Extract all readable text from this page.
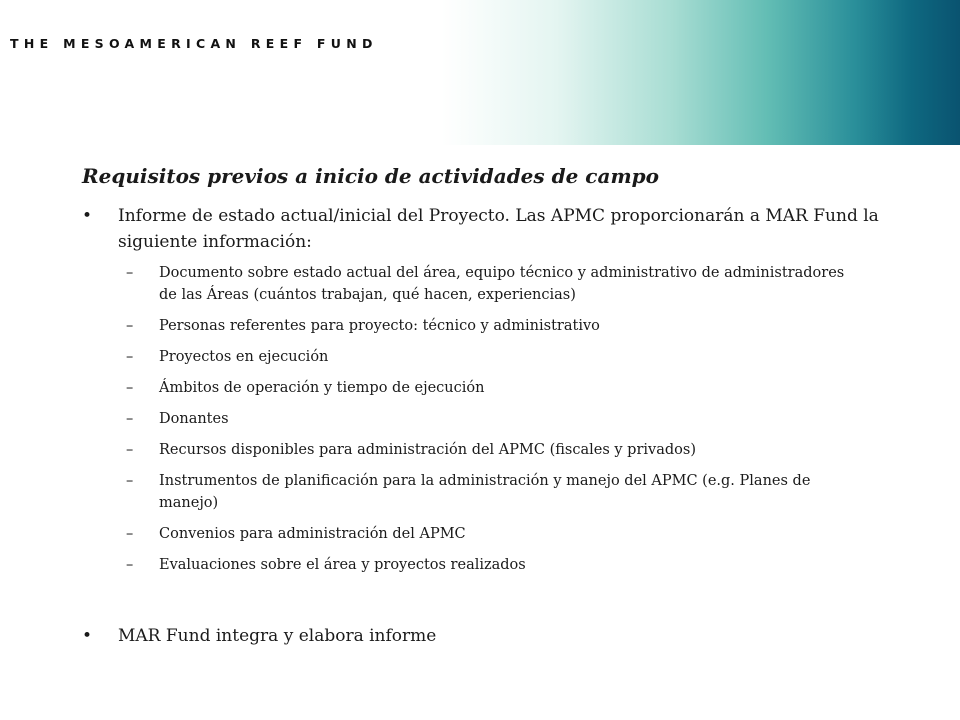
THE MESOAMERICAN REEF FUND
Requisitos previos a inicio de actividades de campo
• Informe de estado actual/inicial del Proyecto. Las APMC proporcionarán a MAR Fund la siguiente información:
– Documento sobre estado actual del área, equipo técnico y administrativo de administradores de las Áreas (cuántos trabajan, qué hacen, experiencias)
– Personas referentes para proyecto: técnico y administrativo
– Proyectos en ejecución
– Ámbitos de operación y tiempo de ejecución
– Donantes
– Recursos disponibles para administración del APMC (fiscales y privados)
– Instrumentos de planificación para la administración y manejo del APMC (e.g. Planes de manejo)
– Convenios para administración del APMC
– Evaluaciones sobre el área y proyectos realizados
• MAR Fund integra y elabora informe
